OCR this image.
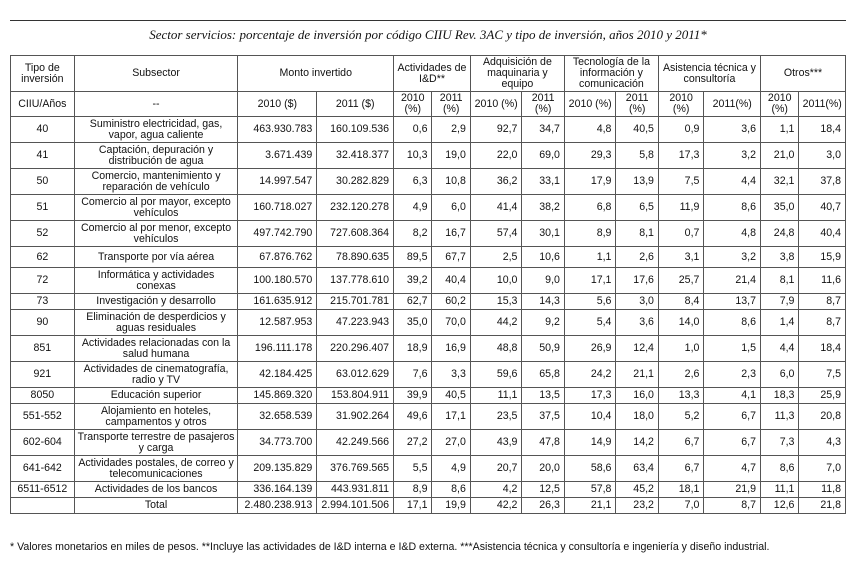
Sector servicios: porcentaje de inversión por código CIIU Rev. 3AC y tipo de inversión, años 2010 y 2011*
Tipo de inversión	Subsector	Monto invertido		Actividades de I&D**		Adquisición de maquinaria y equipo		Tecnología de la información y comunicación		Asistencia técnica y consultoría		Otros***	
CIIU/Años	--	2010 ($)	2011 ($)	2010 (%)	2011 (%)	2010 (%)	2011 (%)	2010 (%)	2011 (%)	2010 (%)	2011(%)	2010 (%)	2011(%)
40	Suministro electricidad, gas, vapor, agua caliente	463.930.783	160.109.536	0,6	2,9	92,7	34,7	4,8	40,5	0,9	3,6	1,1	18,4
41	Captación, depuración y distribución de agua	3.671.439	32.418.377	10,3	19,0	22,0	69,0	29,3	5,8	17,3	3,2	21,0	3,0
50	Comercio, mantenimiento y reparación de vehículo	14.997.547	30.282.829	6,3	10,8	36,2	33,1	17,9	13,9	7,5	4,4	32,1	37,8
51	Comercio al por mayor, excepto vehículos	160.718.027	232.120.278	4,9	6,0	41,4	38,2	6,8	6,5	11,9	8,6	35,0	40,7
52	Comercio al por menor, excepto vehículos	497.742.790	727.608.364	8,2	16,7	57,4	30,1	8,9	8,1	0,7	4,8	24,8	40,4
62	Transporte por vía aérea	67.876.762	78.890.635	89,5	67,7	2,5	10,6	1,1	2,6	3,1	3,2	3,8	15,9
72	Informática y actividades conexas	100.180.570	137.778.610	39,2	40,4	10,0	9,0	17,1	17,6	25,7	21,4	8,1	11,6
73	Investigación y desarrollo	161.635.912	215.701.781	62,7	60,2	15,3	14,3	5,6	3,0	8,4	13,7	7,9	8,7
90	Eliminación de desperdicios y aguas residuales	12.587.953	47.223.943	35,0	70,0	44,2	9,2	5,4	3,6	14,0	8,6	1,4	8,7
851	Actividades relacionadas con la salud humana	196.111.178	220.296.407	18,9	16,9	48,8	50,9	26,9	12,4	1,0	1,5	4,4	18,4
921	Actividades de cinematografía, radio y TV	42.184.425	63.012.629	7,6	3,3	59,6	65,8	24,2	21,1	2,6	2,3	6,0	7,5
8050	Educación superior	145.869.320	153.804.911	39,9	40,5	11,1	13,5	17,3	16,0	13,3	4,1	18,3	25,9
551-552	Alojamiento en hoteles, campamentos y otros	32.658.539	31.902.264	49,6	17,1	23,5	37,5	10,4	18,0	5,2	6,7	11,3	20,8
602-604	Transporte terrestre de pasajeros y carga	34.773.700	42.249.566	27,2	27,0	43,9	47,8	14,9	14,2	6,7	6,7	7,3	4,3
641-642	Actividades postales, de correo y telecomunicaciones	209.135.829	376.769.565	5,5	4,9	20,7	20,0	58,6	63,4	6,7	4,7	8,6	7,0
6511-6512	Actividades de los bancos	336.164.139	443.931.811	8,9	8,6	4,2	12,5	57,8	45,2	18,1	21,9	11,1	11,8
	Total	2.480.238.913	2.994.101.506	17,1	19,9	42,2	26,3	21,1	23,2	7,0	8,7	12,6	21,8
* Valores monetarios en miles de pesos. **Incluye las actividades de I&D interna e I&D externa. ***Asistencia técnica y consultoría e ingeniería y diseño industrial.
